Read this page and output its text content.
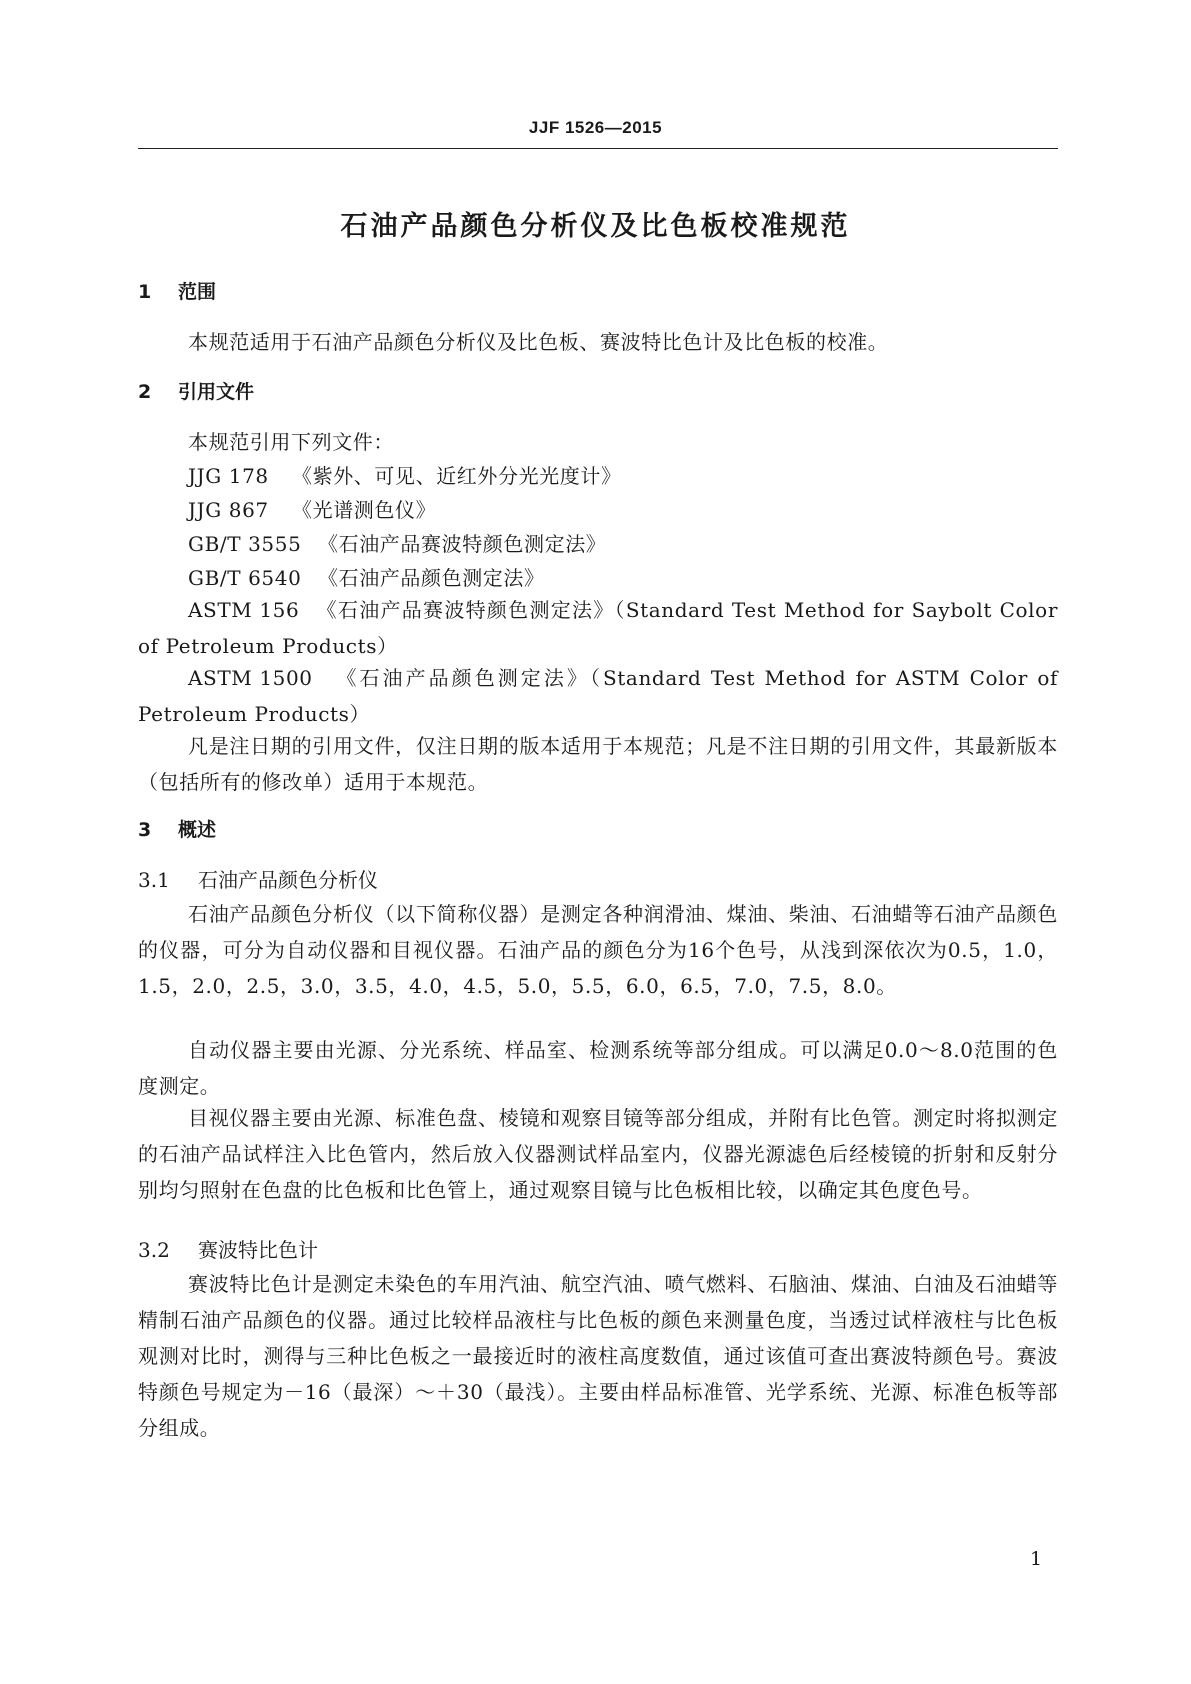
JJF 1526—2015
石油产品颜色分析仪及比色板校准规范
1 范围
本规范适用于石油产品颜色分析仪及比色板、赛波特比色计及比色板的校准。
2 引用文件
本规范引用下列文件：
JJG 178 《紫外、可见、近红外分光光度计》
JJG 867 《光谱测色仪》
GB/T 3555 《石油产品赛波特颜色测定法》
GB/T 6540 《石油产品颜色测定法》
ASTM 156 《石油产品赛波特颜色测定法》（Standard Test Method for Saybolt Color of Petroleum Products）
ASTM 1500 《石油产品颜色测定法》（Standard Test Method for ASTM Color of Petroleum Products）
凡是注日期的引用文件，仅注日期的版本适用于本规范；凡是不注日期的引用文件，其最新版本（包括所有的修改单）适用于本规范。
3 概述
3.1 石油产品颜色分析仪
石油产品颜色分析仪（以下简称仪器）是测定各种润滑油、煤油、柴油、石油蜡等石油产品颜色的仪器，可分为自动仪器和目视仪器。石油产品的颜色分为16个色号，从浅到深依次为0.5，1.0，1.5，2.0，2.5，3.0，3.5，4.0，4.5，5.0，5.5，6.0，6.5，7.0，7.5，8.0。
自动仪器主要由光源、分光系统、样品室、检测系统等部分组成。可以满足0.0～8.0范围的色度测定。
目视仪器主要由光源、标准色盘、棱镜和观察目镜等部分组成，并附有比色管。测定时将拟测定的石油产品试样注入比色管内，然后放入仪器测试样品室内，仪器光源滤色后经棱镜的折射和反射分别均匀照射在色盘的比色板和比色管上，通过观察目镜与比色板相比较，以确定其色度色号。
3.2 赛波特比色计
赛波特比色计是测定未染色的车用汽油、航空汽油、喷气燃料、石脑油、煤油、白油及石油蜡等精制石油产品颜色的仪器。通过比较样品液柱与比色板的颜色来测量色度，当透过试样液柱与比色板观测对比时，测得与三种比色板之一最接近时的液柱高度数值，通过该值可查出赛波特颜色号。赛波特颜色号规定为－16（最深）～＋30（最浅）。主要由样品标准管、光学系统、光源、标准色板等部分组成。
1
